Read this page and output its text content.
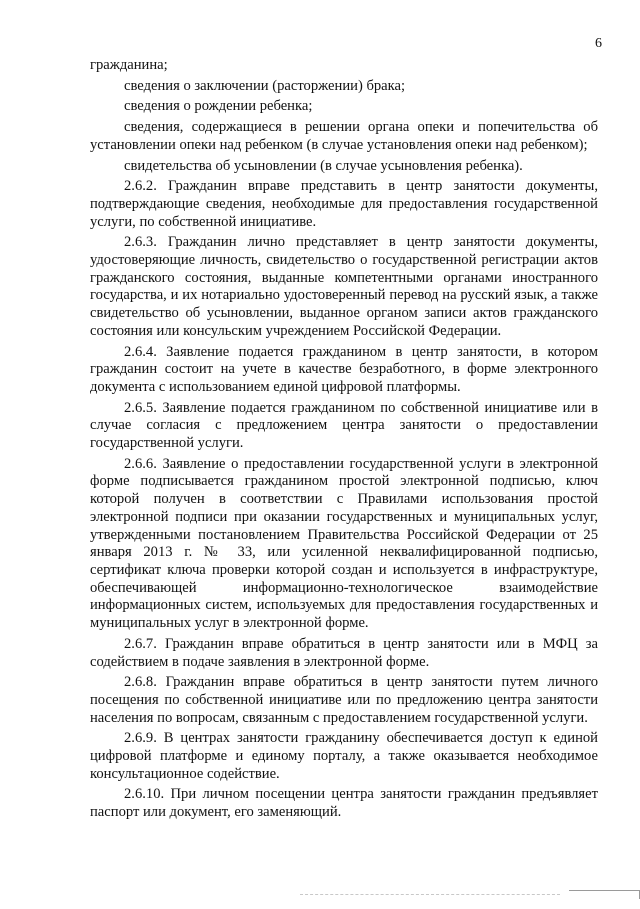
6

гражданина;

сведения о заключении (расторжении) брака;

сведения о рождении ребенка;

сведения, содержащиеся в решении органа опеки и попечительства об установлении опеки над ребенком (в случае установления опеки над ребенком);

свидетельства об усыновлении (в случае усыновления ребенка).

2.6.2. Гражданин вправе представить в центр занятости документы, подтверждающие сведения, необходимые для предоставления государственной услуги, по собственной инициативе.

2.6.3. Гражданин лично представляет в центр занятости документы, удостоверяющие личность, свидетельство о государственной регистрации актов гражданского состояния, выданные компетентными органами иностранного государства, и их нотариально удостоверенный перевод на русский язык, а также свидетельство об усыновлении, выданное органом записи актов гражданского состояния или консульским учреждением Российской Федерации.

2.6.4. Заявление подается гражданином в центр занятости, в котором гражданин состоит на учете в качестве безработного, в форме электронного документа с использованием единой цифровой платформы.

2.6.5. Заявление подается гражданином по собственной инициативе или в случае согласия с предложением центра занятости о предоставлении государственной услуги.

2.6.6. Заявление о предоставлении государственной услуги в электронной форме подписывается гражданином простой электронной подписью, ключ которой получен в соответствии с Правилами использования простой электронной подписи при оказании государственных и муниципальных услуг, утвержденными постановлением Правительства Российской Федерации от 25 января 2013 г. № 33, или усиленной неквалифицированной подписью, сертификат ключа проверки которой создан и используется в инфраструктуре, обеспечивающей информационно-технологическое взаимодействие информационных систем, используемых для предоставления государственных и муниципальных услуг в электронной форме.

2.6.7. Гражданин вправе обратиться в центр занятости или в МФЦ за содействием в подаче заявления в электронной форме.

2.6.8. Гражданин вправе обратиться в центр занятости путем личного посещения по собственной инициативе или по предложению центра занятости населения по вопросам, связанным с предоставлением государственной услуги.

2.6.9. В центрах занятости гражданину обеспечивается доступ к единой цифровой платформе и единому порталу, а также оказывается необходимое консультационное содействие.

2.6.10. При личном посещении центра занятости гражданин предъявляет паспорт или документ, его заменяющий.
